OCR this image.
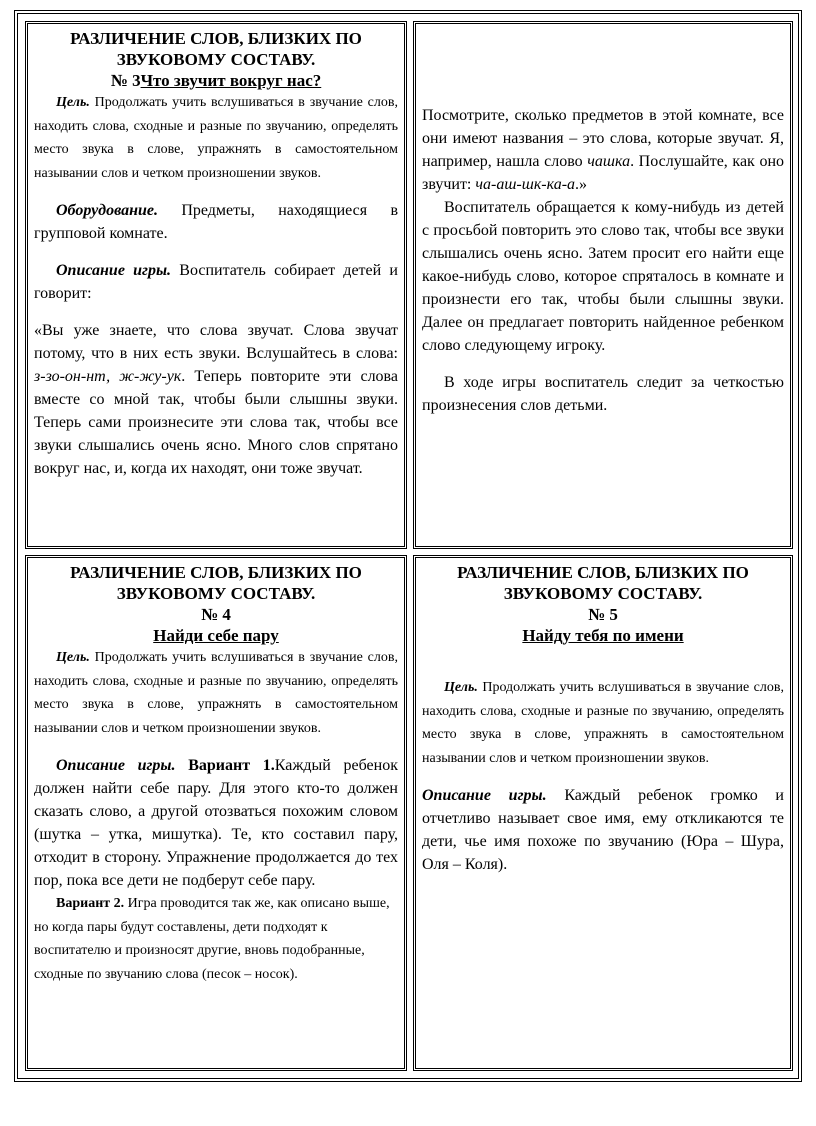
РАЗЛИЧЕНИЕ СЛОВ, БЛИЗКИХ ПО
ЗВУКОВОМУ СОСТАВУ.
№ 3Что звучит вокруг нас?

Цель. Продолжать учить вслушиваться в звучание слов, находить слова, сходные и разные по звучанию, определять место звука в слове, упражнять в самостоятельном назывании слов и четком произношении звуков.

Оборудование. Предметы, находящиеся в групповой комнате.

Описание игры. Воспитатель собирает детей и говорит:

«Вы уже знаете, что слова звучат. Слова звучат потому, что в них есть звуки. Вслушайтесь в слова: з-зо-он-нт, ж-жу-ук. Теперь повторите эти слова вместе со мной так, чтобы были слышны звуки. Теперь сами произнесите эти слова так, чтобы все звуки слышались очень ясно. Много слов спрятано вокруг нас, и, когда их находят, они тоже звучат.

Посмотрите, сколько предметов в этой комнате, все они имеют названия – это слова, которые звучат. Я, например, нашла слово чашка. Послушайте, как оно звучит: ча-аш-шк-ка-а.»

Воспитатель обращается к кому-нибудь из детей с просьбой повторить это слово так, чтобы все звуки слышались очень ясно. Затем просит его найти еще какое-нибудь слово, которое спряталось в комнате и произнести его так, чтобы были слышны звуки. Далее он предлагает повторить найденное ребенком слово следующему игроку.

В ходе игры воспитатель следит за четкостью произнесения слов детьми.

РАЗЛИЧЕНИЕ СЛОВ, БЛИЗКИХ ПО
ЗВУКОВОМУ СОСТАВУ.
№ 4
Найди себе пару

Цель. Продолжать учить вслушиваться в звучание слов, находить слова, сходные и разные по звучанию, определять место звука в слове, упражнять в самостоятельном назывании слов и четком произношении звуков.

Описание игры. Вариант 1.Каждый ребенок должен найти себе пару. Для этого кто-то должен сказать слово, а другой отозваться похожим словом (шутка – утка, мишутка). Те, кто составил пару, отходит в сторону. Упражнение продолжается до тех пор, пока все дети не подберут себе пару.

Вариант 2. Игра проводится так же, как описано выше, но когда пары будут составлены, дети подходят к воспитателю и произносят другие, вновь подобранные, сходные по звучанию слова (песок – носок).

РАЗЛИЧЕНИЕ СЛОВ, БЛИЗКИХ ПО
ЗВУКОВОМУ СОСТАВУ.
№ 5
Найду тебя по имени

Цель. Продолжать учить вслушиваться в звучание слов, находить слова, сходные и разные по звучанию, определять место звука в слове, упражнять в самостоятельном назывании слов и четком произношении звуков.

Описание игры. Каждый ребенок громко и отчетливо называет свое имя, ему откликаются те дети, чье имя похоже по звучанию (Юра – Шура, Оля – Коля).
